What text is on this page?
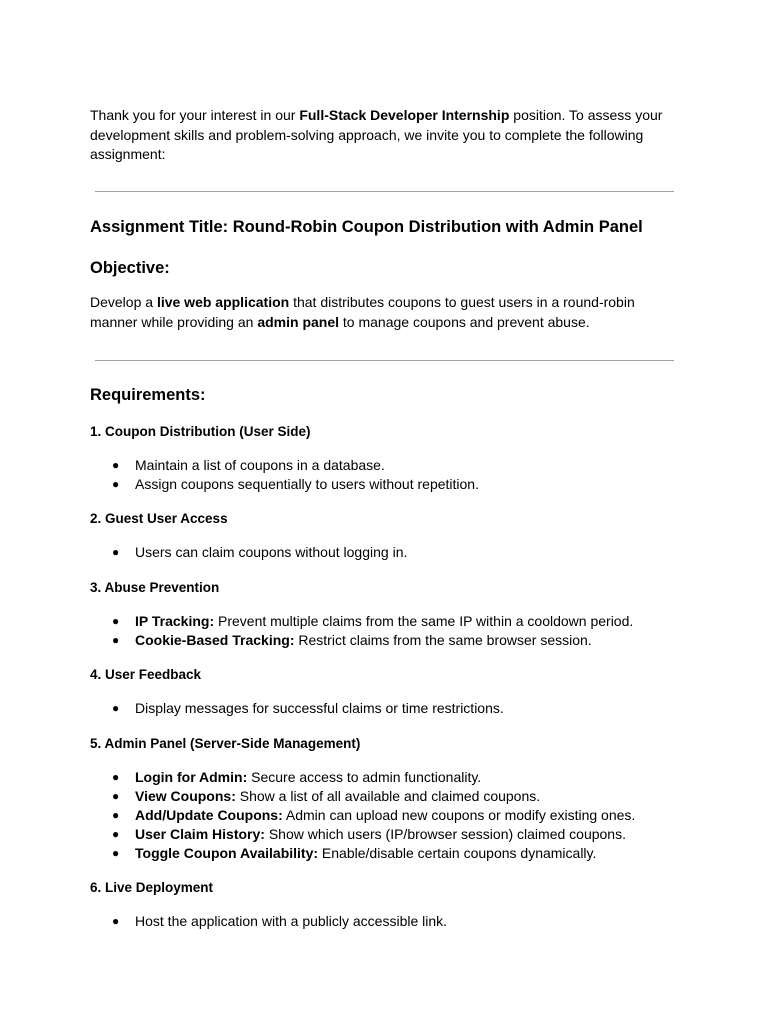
Thank you for your interest in our Full-Stack Developer Internship position. To assess your
development skills and problem-solving approach, we invite you to complete the following
assignment:
Assignment Title: Round-Robin Coupon Distribution with Admin Panel
Objective:
Develop a live web application that distributes coupons to guest users in a round-robin
manner while providing an admin panel to manage coupons and prevent abuse.
Requirements:
1. Coupon Distribution (User Side)
● Maintain a list of coupons in a database.
● Assign coupons sequentially to users without repetition.
2. Guest User Access
● Users can claim coupons without logging in.
3. Abuse Prevention
● IP Tracking: Prevent multiple claims from the same IP within a cooldown period.
● Cookie-Based Tracking: Restrict claims from the same browser session.
4. User Feedback
● Display messages for successful claims or time restrictions.
5. Admin Panel (Server-Side Management)
● Login for Admin: Secure access to admin functionality.
● View Coupons: Show a list of all available and claimed coupons.
● Add/Update Coupons: Admin can upload new coupons or modify existing ones.
● User Claim History: Show which users (IP/browser session) claimed coupons.
● Toggle Coupon Availability: Enable/disable certain coupons dynamically.
6. Live Deployment
● Host the application with a publicly accessible link.
